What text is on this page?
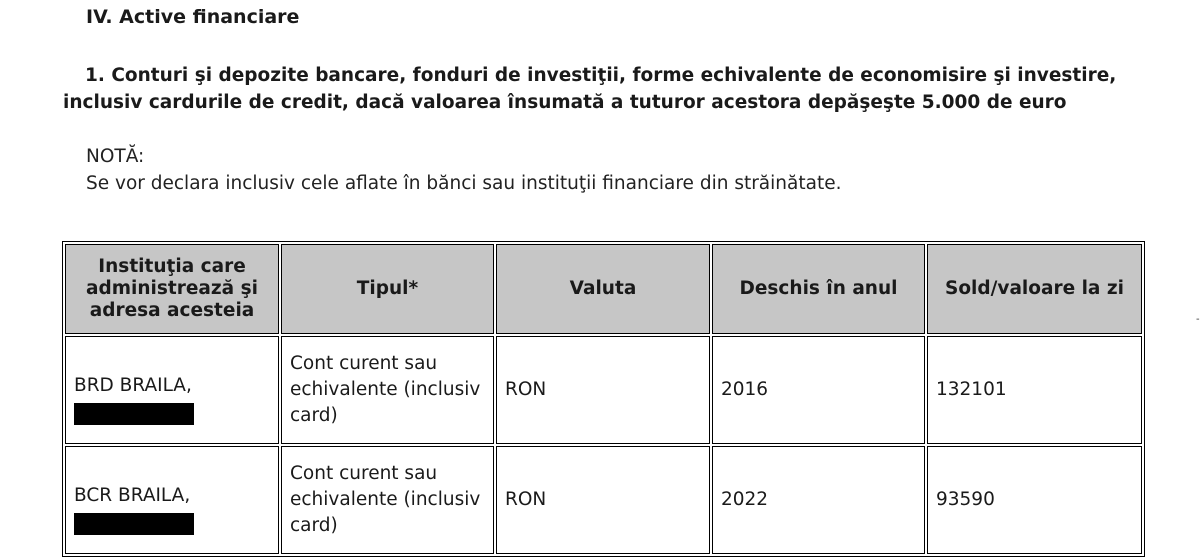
IV. Active financiare
1. Conturi şi depozite bancare, fonduri de investiţii, forme echivalente de economisire şi investire,
inclusiv cardurile de credit, dacă valoarea însumată a tuturor acestora depăşeşte 5.000 de euro
NOTĂ:
Se vor declara inclusiv cele aflate în bănci sau instituţii financiare din străinătate.
Instituţia care administrează şi adresa acesteia	Tipul*	Valuta	Deschis în anul	Sold/valoare la zi
BRD BRAILA,	Cont curent sau echivalente (inclusiv card)	RON	2016	132101
BCR BRAILA,	Cont curent sau echivalente (inclusiv card)	RON	2022	93590
-
